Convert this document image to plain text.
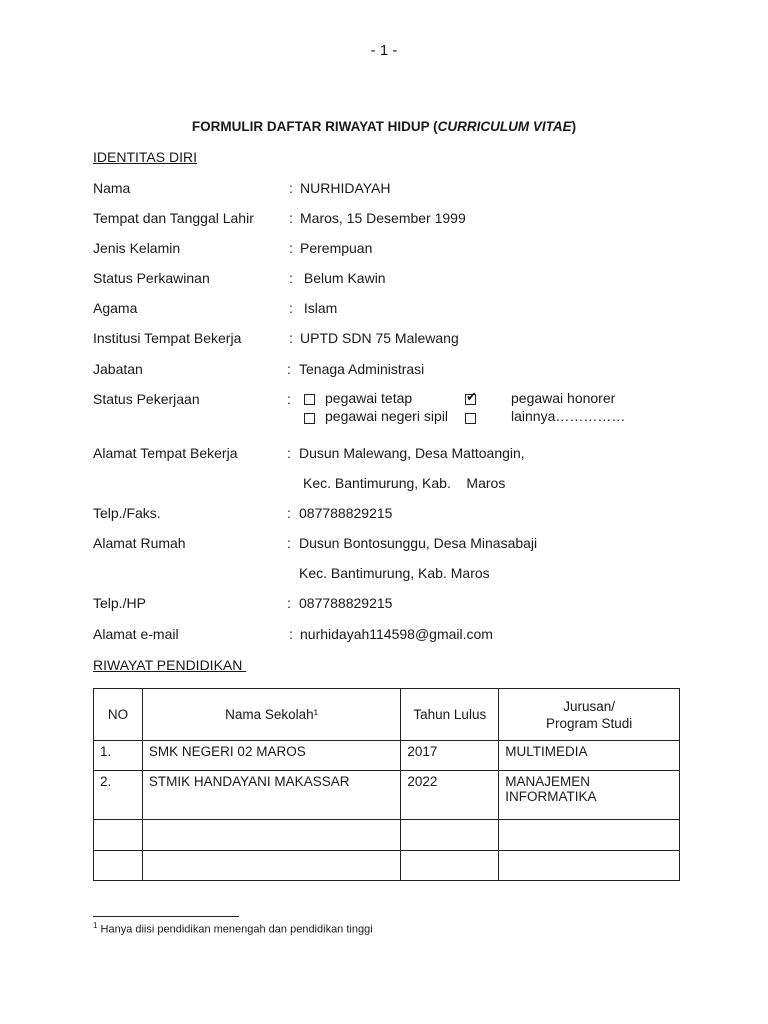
- 1 -
FORMULIR DAFTAR RIWAYAT HIDUP (CURRICULUM VITAE)
IDENTITAS DIRI
Nama	: NURHIDAYAH
Tempat dan Tanggal Lahir	: Maros, 15 Desember 1999
Jenis Kelamin	: Perempuan
Status Perkawinan	: Belum Kawin
Agama	: Islam
Institusi Tempat Bekerja	: UPTD SDN 75 Malewang
Jabatan	: Tenaga Administrasi
Status Pekerjaan	: pegawai tetap	✔ pegawai honorer
pegawai negeri sipil	lainnya……………
Alamat Tempat Bekerja	: Dusun Malewang, Desa Mattoangin,
Kec. Bantimurung, Kab.    Maros
Telp./Faks.	: 087788829215
Alamat Rumah	: Dusun Bontosunggu, Desa Minasabaji
Kec. Bantimurung, Kab. Maros
Telp./HP	: 087788829215
Alamat e-mail	: nurhidayah114598@gmail.com
RIWAYAT PENDIDIKAN
NO	Nama Sekolah¹	Tahun Lulus	Jurusan/
Program Studi
1.	SMK NEGERI 02 MAROS	2017	MULTIMEDIA
2.	STMIK HANDAYANI MAKASSAR	2022	MANAJEMEN
INFORMATIKA

$^1$ Hanya diisi pendidikan menengah dan pendidikan tinggi
